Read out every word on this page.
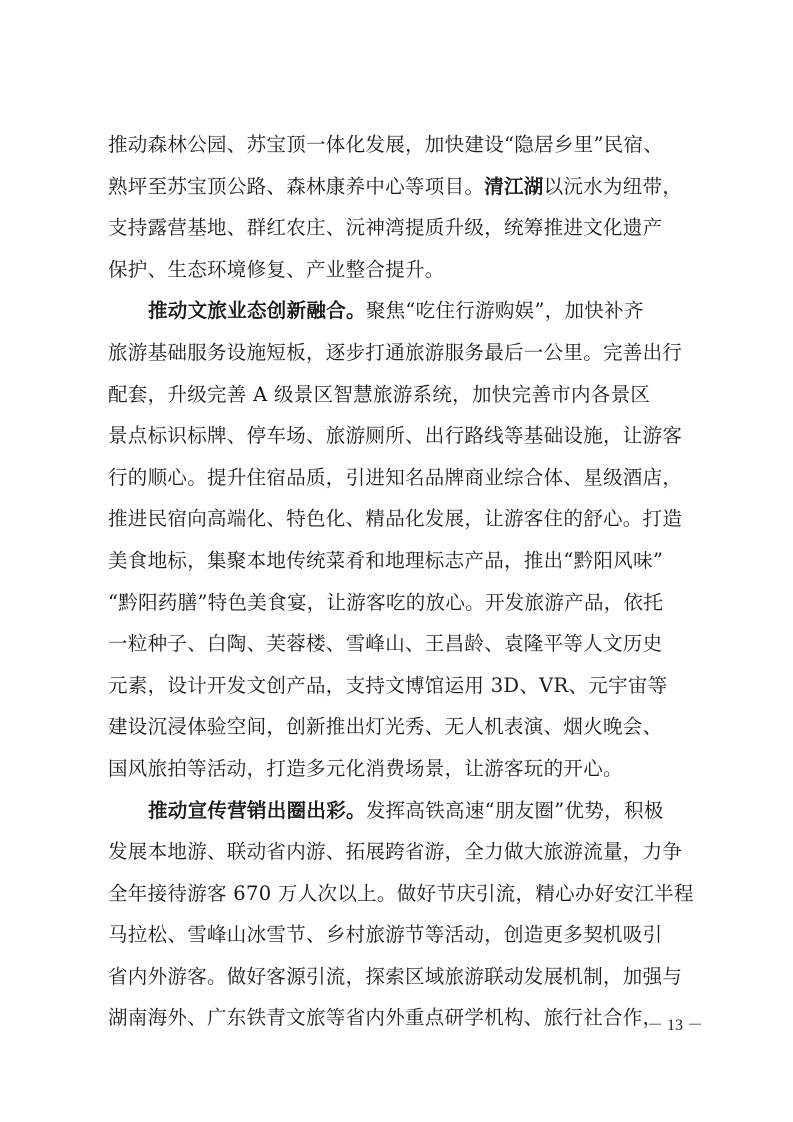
推动森林公园、苏宝顶一体化发展，加快建设“隐居乡里”民宿、
熟坪至苏宝顶公路、森林康养中心等项目。清江湖以沅水为纽带，
支持露营基地、群红农庄、沅神湾提质升级，统筹推进文化遗产
保护、生态环境修复、产业整合提升。
推动文旅业态创新融合。聚焦“吃住行游购娱”，加快补齐
旅游基础服务设施短板，逐步打通旅游服务最后一公里。完善出行
配套，升级完善 A 级景区智慧旅游系统，加快完善市内各景区
景点标识标牌、停车场、旅游厕所、出行路线等基础设施，让游客
行的顺心。提升住宿品质，引进知名品牌商业综合体、星级酒店，
推进民宿向高端化、特色化、精品化发展，让游客住的舒心。打造
美食地标，集聚本地传统菜肴和地理标志产品，推出“黔阳风味”
“黔阳药膳”特色美食宴，让游客吃的放心。开发旅游产品，依托
一粒种子、白陶、芙蓉楼、雪峰山、王昌龄、袁隆平等人文历史
元素，设计开发文创产品，支持文博馆运用 3D、VR、元宇宙等
建设沉浸体验空间，创新推出灯光秀、无人机表演、烟火晚会、
国风旅拍等活动，打造多元化消费场景，让游客玩的开心。
推动宣传营销出圈出彩。发挥高铁高速“朋友圈”优势，积极
发展本地游、联动省内游、拓展跨省游，全力做大旅游流量，力争
全年接待游客 670 万人次以上。做好节庆引流，精心办好安江半程
马拉松、雪峰山冰雪节、乡村旅游节等活动，创造更多契机吸引
省内外游客。做好客源引流，探索区域旅游联动发展机制，加强与
湖南海外、广东铁青文旅等省内外重点研学机构、旅行社合作，
－ 13 －
